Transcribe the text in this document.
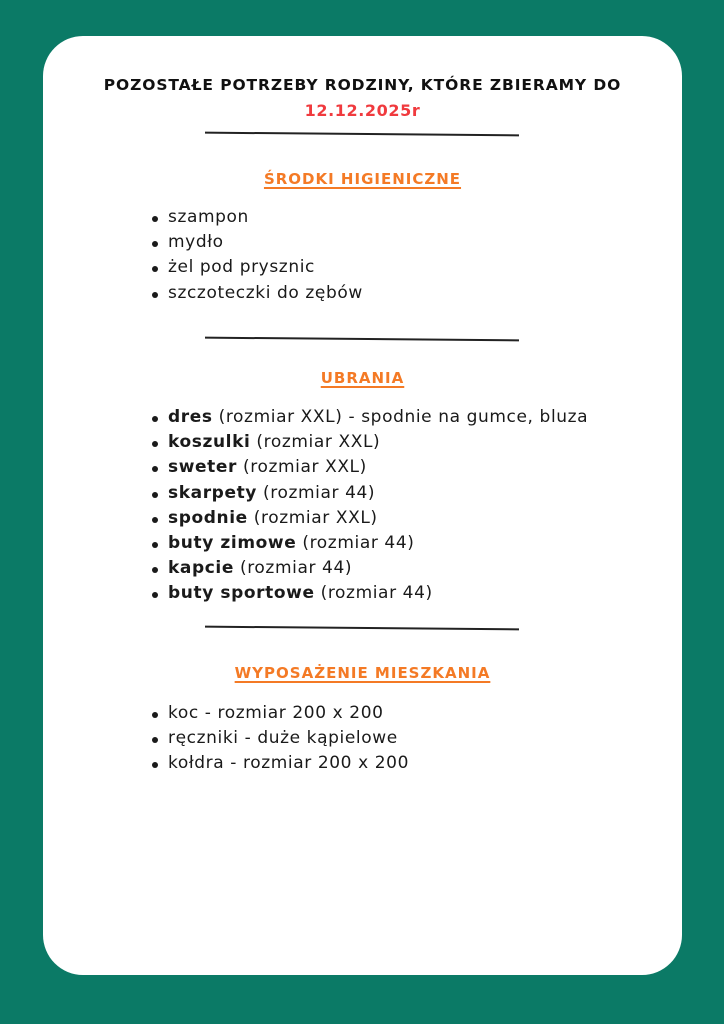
POZOSTAŁE POTRZEBY RODZINY, KTÓRE ZBIERAMY DO
12.12.2025r
ŚRODKI HIGIENICZNE
szampon
mydło
żel pod prysznic
szczoteczki do zębów
UBRANIA
dres (rozmiar XXL) - spodnie na gumce, bluza
koszulki (rozmiar XXL)
sweter (rozmiar XXL)
skarpety (rozmiar 44)
spodnie (rozmiar XXL)
buty zimowe (rozmiar 44)
kapcie (rozmiar 44)
buty sportowe (rozmiar 44)
WYPOSAŻENIE MIESZKANIA
koc - rozmiar 200 x 200
ręczniki - duże kąpielowe
kołdra - rozmiar 200 x 200
